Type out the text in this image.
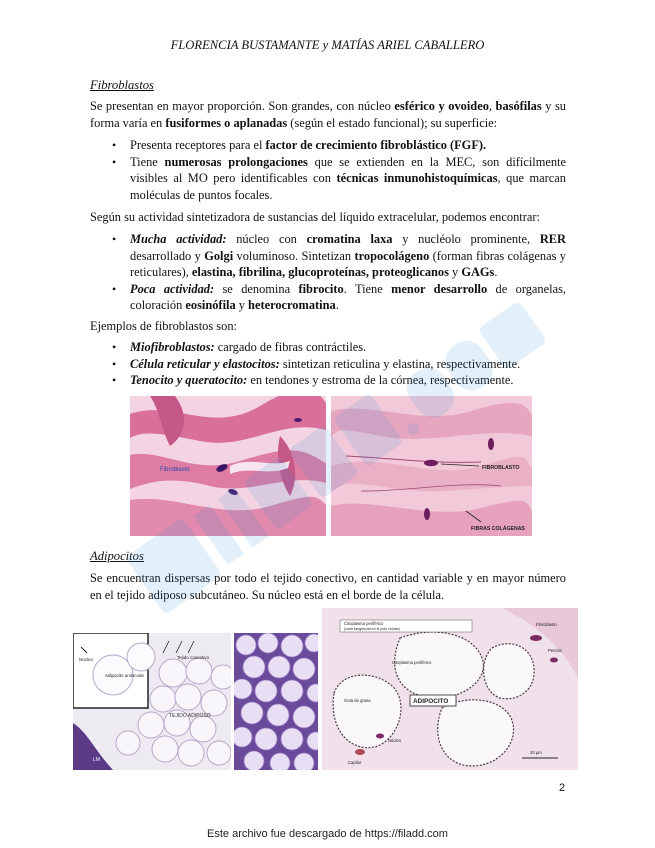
FLORENCIA BUSTAMANTE y MATÍAS ARIEL CABALLERO
Fibroblastos

Se presentan en mayor proporción. Son grandes, con núcleo esférico y ovoideo, basófilas y su forma varía en fusiformes o aplanadas (según el estado funcional); su superficie:

• Presenta receptores para el factor de crecimiento fibroblástico (FGF).
• Tiene numerosas prolongaciones que se extienden en la MEC, son difícilmente visibles al MO pero identificables con técnicas inmunohistoquímicas, que marcan moléculas de puntos focales.

Según su actividad sintetizadora de sustancias del líquido extracelular, podemos encontrar:

• Mucha actividad: núcleo con cromatina laxa y nucléolo prominente, RER desarrollado y Golgi voluminoso. Sintetizan tropocolágeno (forman fibras colágenas y reticulares), elastina, fibrilina, glucoproteínas, proteoglicanos y GAGs.
• Poca actividad: se denomina fibrocito. Tiene menor desarrollo de organelas, coloración eosinófila y heterocromatina.

Ejemplos de fibroblastos son:

• Miofibroblastos: cargado de fibras contráctiles.
• Célula reticular y elastocitos: sintetizan reticulina y elastina, respectivamente.
• Tenocito y queratocito: en tendones y estroma de la córnea, respectivamente.
Fibroblasto	FIBROBLASTO
FIBRAS COLÁGENAS
Adipocitos

Se encuentran dispersas por todo el tejido conectivo, en cantidad variable y en mayor número en el tejido adiposo subcutáneo. Su núcleo está en el borde de la célula.

Núcleo
Adipocito unilocular
Tejido conectivo
TEJIDO ADIPOSO
LM
Citoplasma periférico
(corte tangencial en el polo celular)
Citoplasma periférico
Gota de grasa	ADIPOCITO
Núcleo
Capilar
Fibroblasto
Pericito
20 µm
2
Este archivo fue descargado de https://filadd.com
